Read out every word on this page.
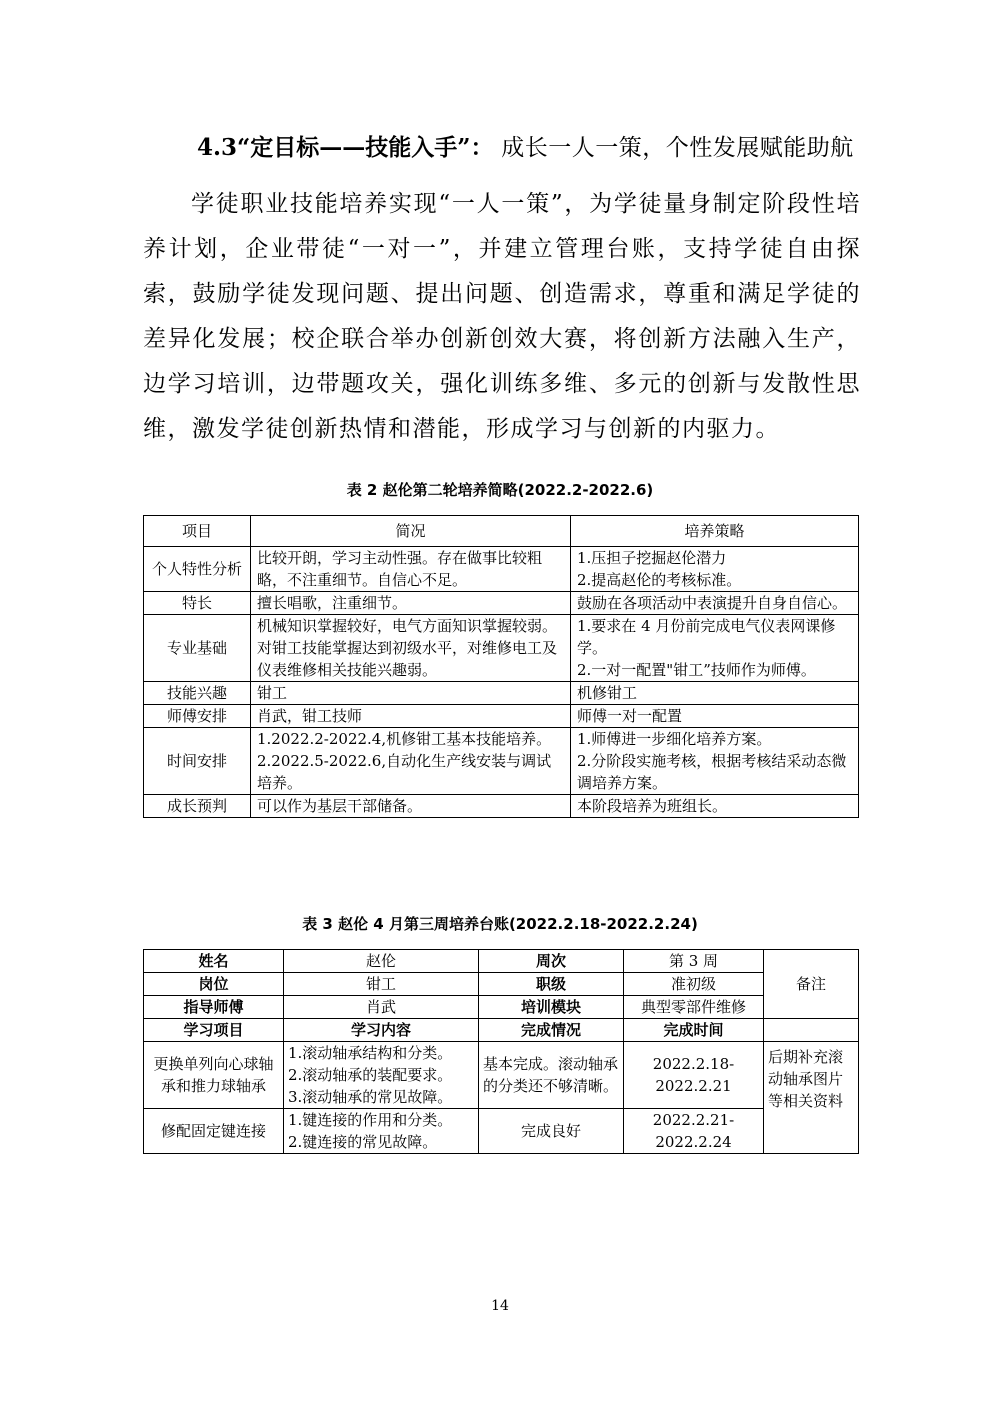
4.3“定目标——技能入手”： 成长一人一策，个性发展赋能助航
学徒职业技能培养实现“一人一策”，为学徒量身制定阶段性培养计划，企业带徒“一对一”，并建立管理台账，支持学徒自由探索，鼓励学徒发现问题、提出问题、创造需求，尊重和满足学徒的差异化发展；校企联合举办创新创效大赛，将创新方法融入生产，边学习培训，边带题攻关，强化训练多维、多元的创新与发散性思维，激发学徒创新热情和潜能，形成学习与创新的内驱力。
表 2 赵伦第二轮培养简略(2022.2-2022.6)
项目	简况	培养策略
个人特性分析	比较开朗，学习主动性强。存在做事比较粗略，不注重细节。自信心不足。	1.压担子挖掘赵伦潜力
2.提高赵伦的考核标准。
特长	擅长唱歌，注重细节。	鼓励在各项活动中表演提升自身自信心。
专业基础	机械知识掌握较好，电气方面知识掌握较弱。对钳工技能掌握达到初级水平，对维修电工及仪表维修相关技能兴趣弱。	1.要求在 4 月份前完成电气仪表网课修学。
2.一对一配置"钳工”技师作为师傅。
技能兴趣	钳工	机修钳工
师傅安排	肖武，钳工技师	师傅一对一配置
时间安排	1.2022.2-2022.4,机修钳工基本技能培养。
2.2022.5-2022.6,自动化生产线安装与调试培养。	1.师傅进一步细化培养方案。
2.分阶段实施考核，根据考核结采动态微调培养方案。
成长预判	可以作为基层干部储备。	本阶段培养为班组长。
表 3 赵伦 4 月第三周培养台账(2022.2.18-2022.2.24)
姓名	赵伦	周次	第 3 周	备注
岗位	钳工	职级	准初级	
指导师傅	肖武	培训模块	典型零部件维修	
学习项目	学习内容	完成情况	完成时间	
更换单列向心球轴承和推力球轴承	1.滚动轴承结构和分类。
2.滚动轴承的装配要求。
3.滚动轴承的常见故障。	基本完成。滚动轴承的分类还不够清晰。	2022.2.18-
2022.2.21	后期补充滚动轴承图片等相关资料
修配固定键连接	1.键连接的作用和分类。
2.键连接的常见故障。	完成良好	2022.2.21-
2022.2.24	
14
